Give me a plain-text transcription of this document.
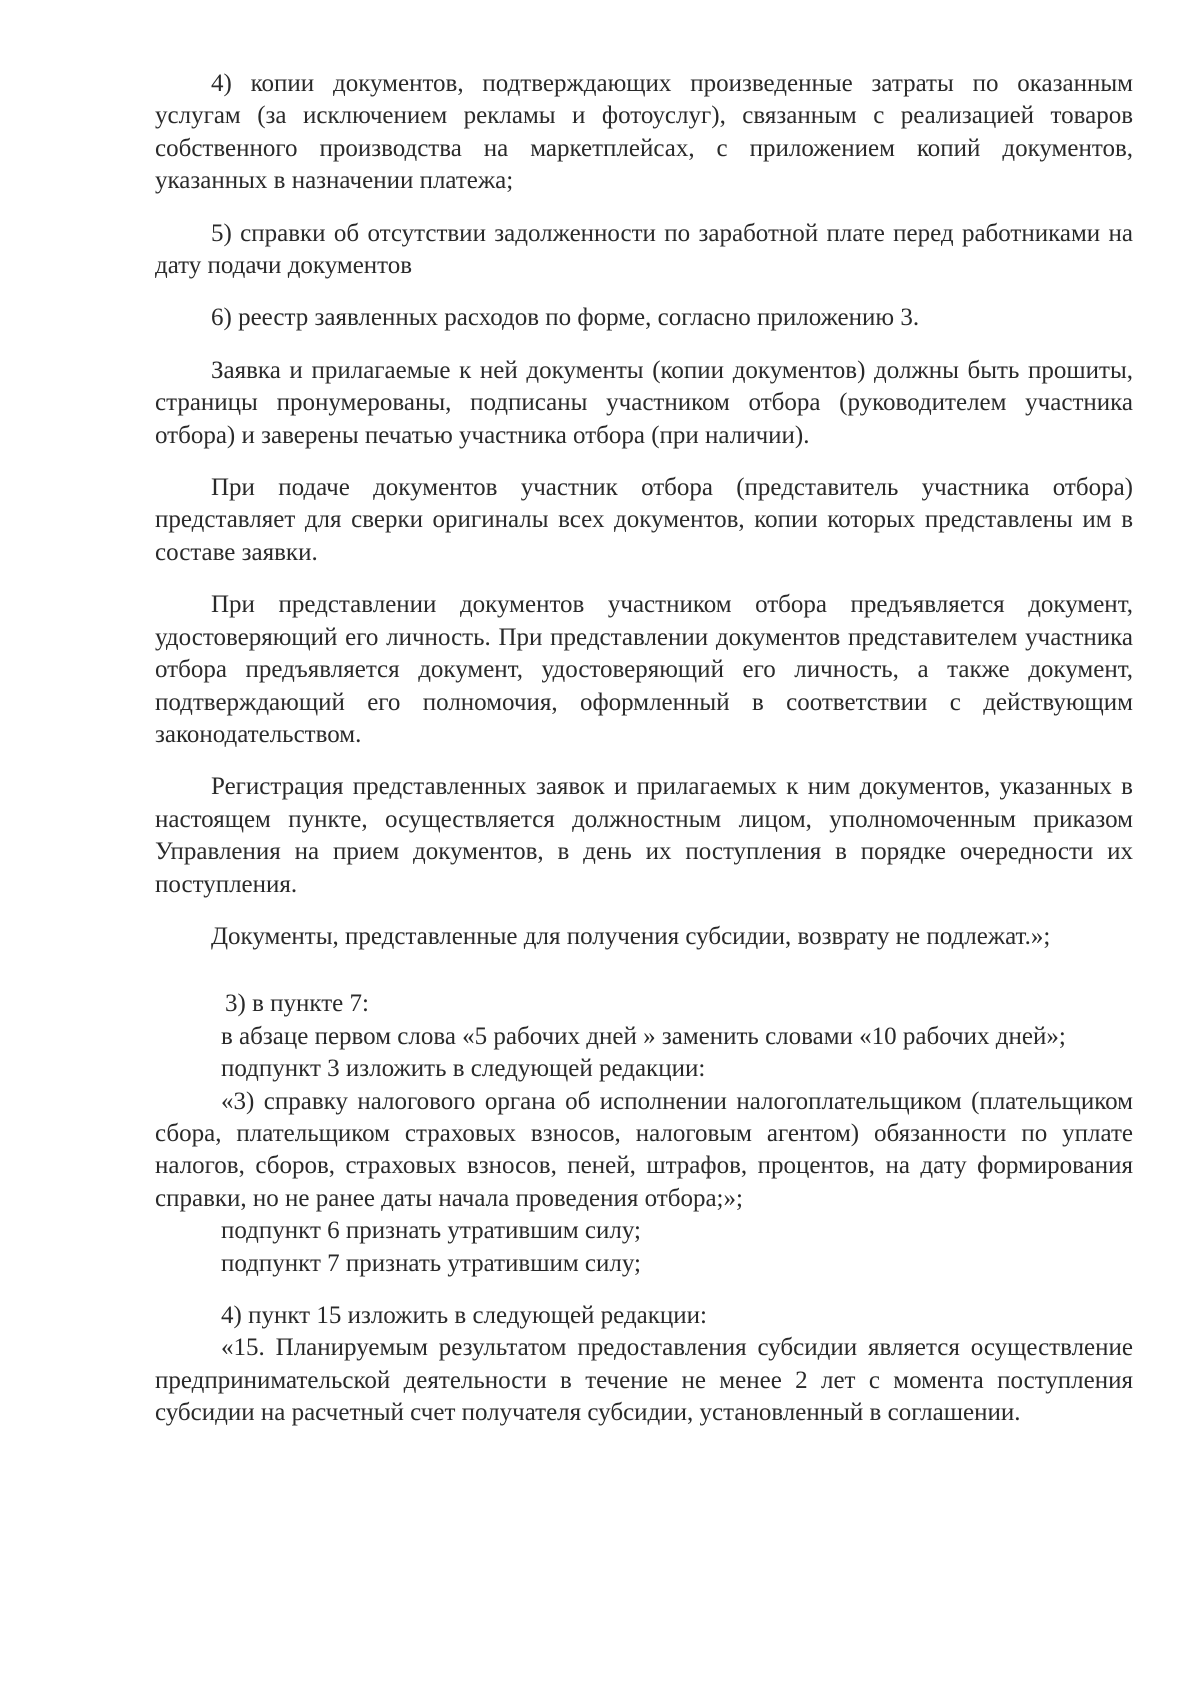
4) копии документов, подтверждающих произведенные затраты по оказанным услугам (за исключением рекламы и фотоуслуг), связанным с реализацией товаров собственного производства на маркетплейсах, с приложением копий документов, указанных в назначении платежа;

5) справки об отсутствии задолженности по заработной плате перед работниками на дату подачи документов

6) реестр заявленных расходов по форме, согласно приложению 3.

Заявка и прилагаемые к ней документы (копии документов) должны быть прошиты, страницы пронумерованы, подписаны участником отбора (руководителем участника отбора) и заверены печатью участника отбора (при наличии).

При подаче документов участник отбора (представитель участника отбора) представляет для сверки оригиналы всех документов, копии которых представлены им в составе заявки.

При представлении документов участником отбора предъявляется документ, удостоверяющий его личность. При представлении документов представителем участника отбора предъявляется документ, удостоверяющий его личность, а также документ, подтверждающий его полномочия, оформленный в соответствии с действующим законодательством.

Регистрация представленных заявок и прилагаемых к ним документов, указанных в настоящем пункте, осуществляется должностным лицом, уполномоченным приказом Управления на прием документов, в день их поступления в порядке очередности их поступления.

Документы, представленные для получения субсидии, возврату не подлежат.»;

3) в пункте 7:

в абзаце первом слова «5 рабочих дней » заменить словами «10 рабочих дней»;

подпункт 3 изложить в следующей редакции:

«3) справку налогового органа об исполнении налогоплательщиком (плательщиком сбора, плательщиком страховых взносов, налоговым агентом) обязанности по уплате налогов, сборов, страховых взносов, пеней, штрафов, процентов, на дату формирования справки, но не ранее даты начала проведения отбора;»;

подпункт 6 признать утратившим силу;

подпункт 7 признать утратившим силу;

4) пункт 15 изложить в следующей редакции:

«15. Планируемым результатом предоставления субсидии является осуществление предпринимательской деятельности в течение не менее 2 лет с момента поступления субсидии на расчетный счет получателя субсидии, установленный в соглашении.
